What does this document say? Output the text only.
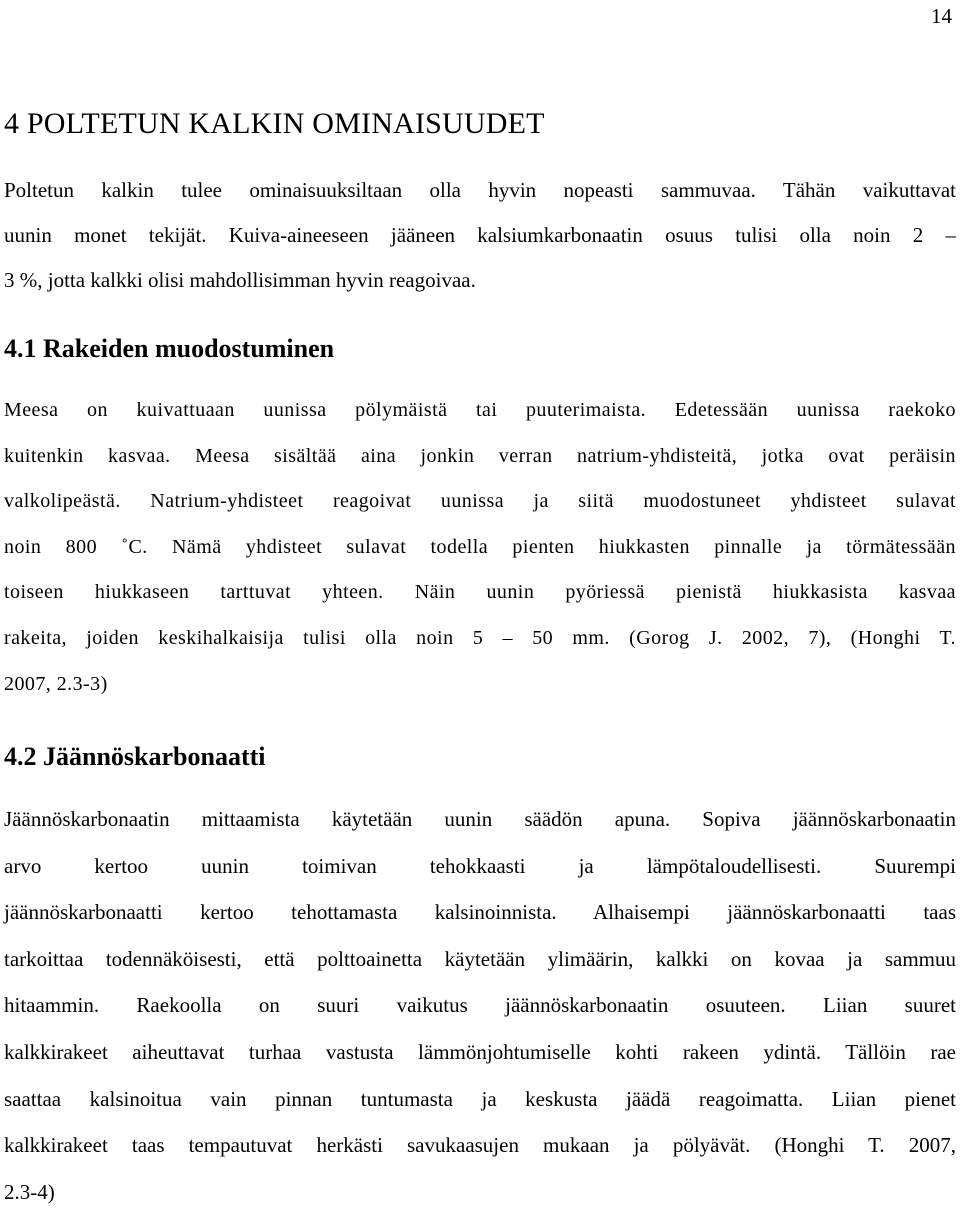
14
4 POLTETUN KALKIN OMINAISUUDET

Poltetun kalkin tulee ominaisuuksiltaan olla hyvin nopeasti sammuvaa. Tähän vaikuttavat
uunin monet tekijät. Kuiva-aineeseen jääneen kalsiumkarbonaatin osuus tulisi olla noin 2 –
3 %, jotta kalkki olisi mahdollisimman hyvin reagoivaa.

4.1 Rakeiden muodostuminen

Meesa on kuivattuaan uunissa pölymäistä tai puuterimaista. Edetessään uunissa raekoko
kuitenkin kasvaa. Meesa sisältää aina jonkin verran natrium-yhdisteitä, jotka ovat peräisin
valkolipeästä. Natrium-yhdisteet reagoivat uunissa ja siitä muodostuneet yhdisteet sulavat
noin 800 ˚C. Nämä yhdisteet sulavat todella pienten hiukkasten pinnalle ja törmätessään
toiseen hiukkaseen tarttuvat yhteen. Näin uunin pyöriessä pienistä hiukkasista kasvaa
rakeita, joiden keskihalkaisija tulisi olla noin 5 – 50 mm. (Gorog J. 2002, 7), (Honghi T.
2007, 2.3-3)

4.2 Jäännöskarbonaatti

Jäännöskarbonaatin mittaamista käytetään uunin säädön apuna. Sopiva jäännöskarbonaatin
arvo kertoo uunin toimivan tehokkaasti ja lämpötaloudellisesti. Suurempi
jäännöskarbonaatti kertoo tehottamasta kalsinoinnista. Alhaisempi jäännöskarbonaatti taas
tarkoittaa todennäköisesti, että polttoainetta käytetään ylimäärin, kalkki on kovaa ja sammuu
hitaammin. Raekoolla on suuri vaikutus jäännöskarbonaatin osuuteen. Liian suuret
kalkkirakeet aiheuttavat turhaa vastusta lämmönjohtumiselle kohti rakeen ydintä. Tällöin rae
saattaa kalsinoitua vain pinnan tuntumasta ja keskusta jäädä reagoimatta. Liian pienet
kalkkirakeet taas tempautuvat herkästi savukaasujen mukaan ja pölyävät. (Honghi T. 2007,
2.3-4)
